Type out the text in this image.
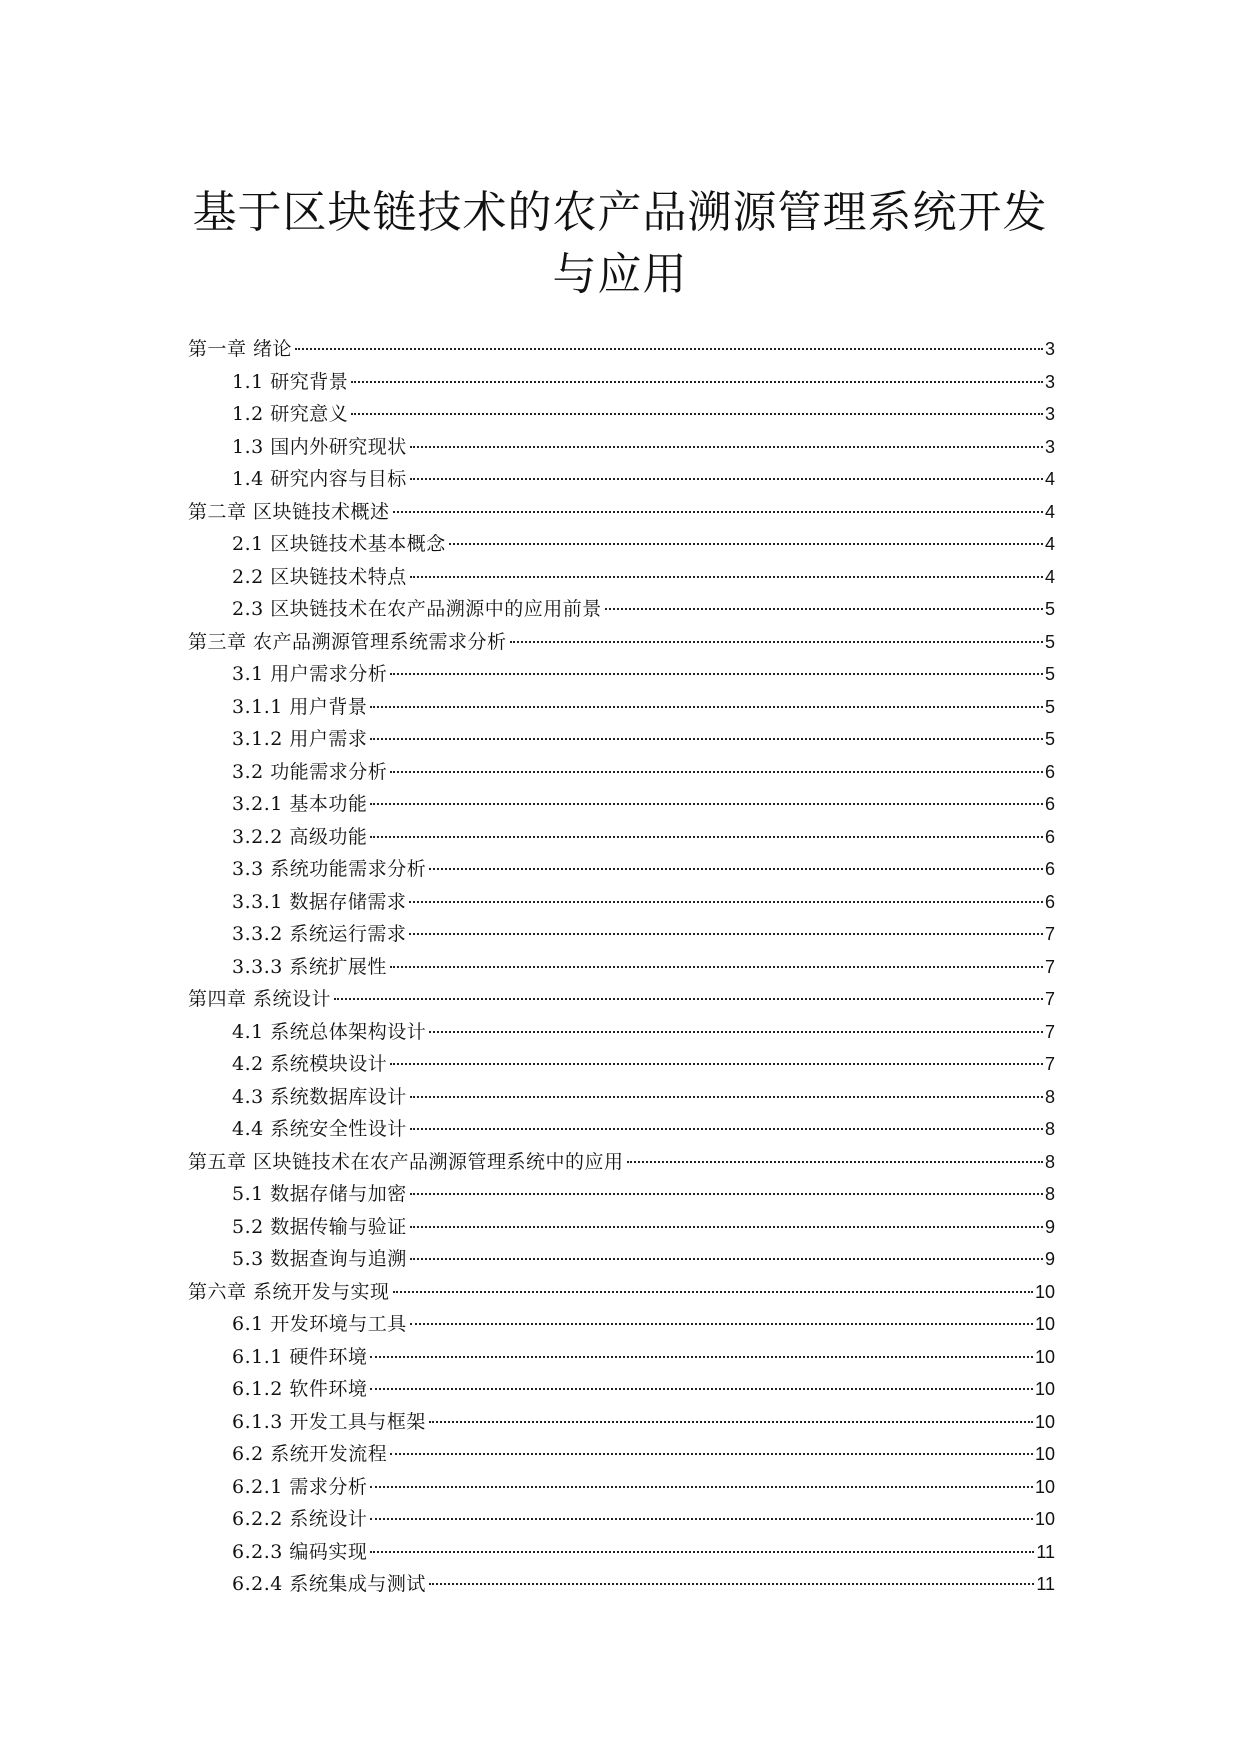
基于区块链技术的农产品溯源管理系统开发与应用
第一章 绪论	3
1.1 研究背景	3
1.2 研究意义	3
1.3 国内外研究现状	3
1.4 研究内容与目标	4
第二章 区块链技术概述	4
2.1 区块链技术基本概念	4
2.2 区块链技术特点	4
2.3 区块链技术在农产品溯源中的应用前景	5
第三章 农产品溯源管理系统需求分析	5
3.1 用户需求分析	5
3.1.1 用户背景	5
3.1.2 用户需求	5
3.2 功能需求分析	6
3.2.1 基本功能	6
3.2.2 高级功能	6
3.3 系统功能需求分析	6
3.3.1 数据存储需求	6
3.3.2 系统运行需求	7
3.3.3 系统扩展性	7
第四章 系统设计	7
4.1 系统总体架构设计	7
4.2 系统模块设计	7
4.3 系统数据库设计	8
4.4 系统安全性设计	8
第五章 区块链技术在农产品溯源管理系统中的应用	8
5.1 数据存储与加密	8
5.2 数据传输与验证	9
5.3 数据查询与追溯	9
第六章 系统开发与实现	10
6.1 开发环境与工具	10
6.1.1 硬件环境	10
6.1.2 软件环境	10
6.1.3 开发工具与框架	10
6.2 系统开发流程	10
6.2.1 需求分析	10
6.2.2 系统设计	10
6.2.3 编码实现	11
6.2.4 系统集成与测试	11
